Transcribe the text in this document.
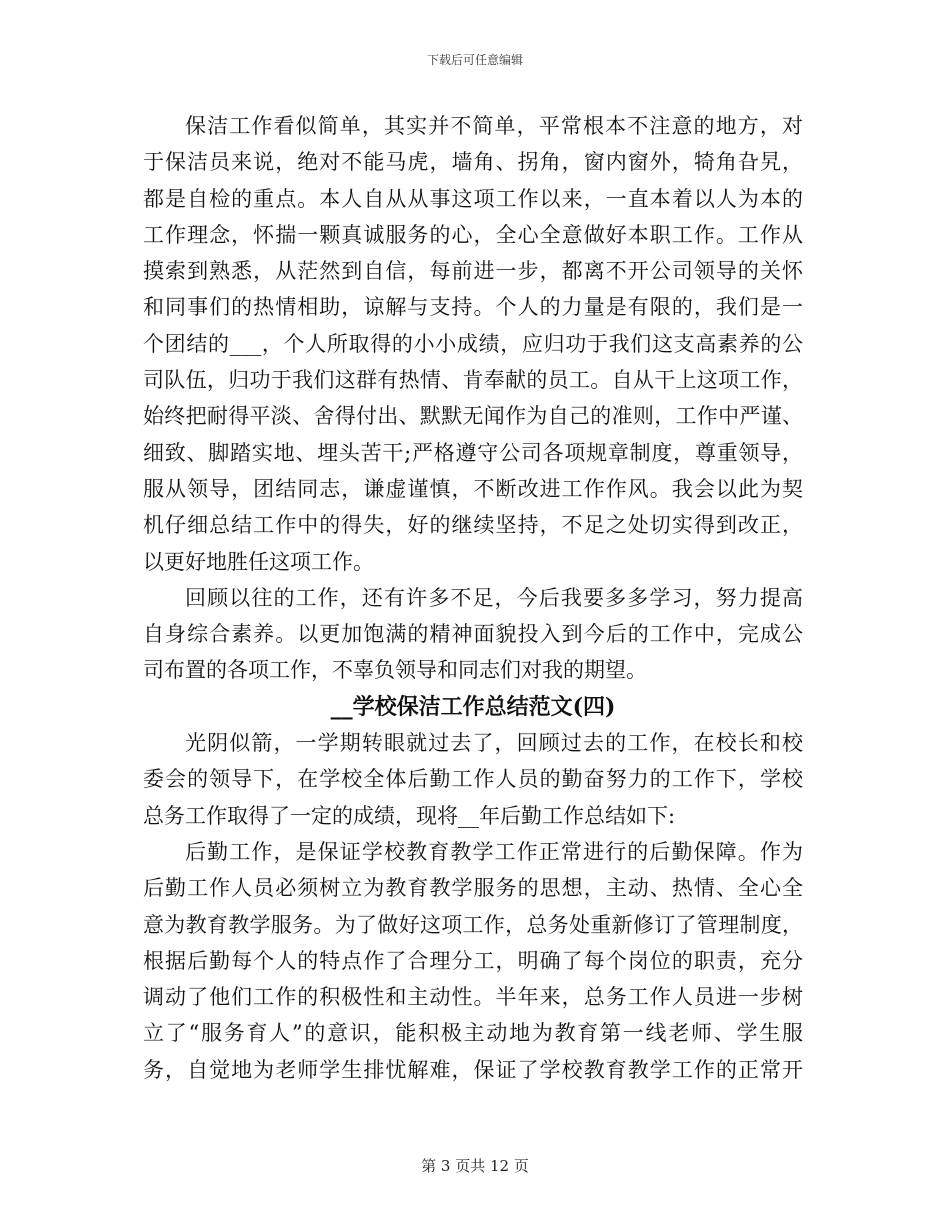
下载后可任意编辑
保洁工作看似简单，其实并不简单，平常根本不注意的地方，对
于保洁员来说，绝对不能马虎，墙角、拐角，窗内窗外，犄角旮旯，
都是自检的重点。本人自从从事这项工作以来，一直本着以人为本的
工作理念，怀揣一颗真诚服务的心，全心全意做好本职工作。工作从
摸索到熟悉，从茫然到自信，每前进一步，都离不开公司领导的关怀
和同事们的热情相助，谅解与支持。个人的力量是有限的，我们是一
个团结的___，个人所取得的小小成绩，应归功于我们这支高素养的公
司队伍，归功于我们这群有热情、肯奉献的员工。自从干上这项工作，
始终把耐得平淡、舍得付出、默默无闻作为自己的准则，工作中严谨、
细致、脚踏实地、埋头苦干;严格遵守公司各项规章制度，尊重领导，
服从领导，团结同志，谦虚谨慎，不断改进工作作风。我会以此为契
机仔细总结工作中的得失，好的继续坚持，不足之处切实得到改正，
以更好地胜任这项工作。
回顾以往的工作，还有许多不足，今后我要多多学习，努力提高
自身综合素养。以更加饱满的精神面貌投入到今后的工作中，完成公
司布置的各项工作，不辜负领导和同志们对我的期望。
__学校保洁工作总结范文(四)
光阴似箭，一学期转眼就过去了，回顾过去的工作，在校长和校
委会的领导下，在学校全体后勤工作人员的勤奋努力的工作下，学校
总务工作取得了一定的成绩，现将__年后勤工作总结如下:
后勤工作，是保证学校教育教学工作正常进行的后勤保障。作为
后勤工作人员必须树立为教育教学服务的思想，主动、热情、全心全
意为教育教学服务。为了做好这项工作，总务处重新修订了管理制度，
根据后勤每个人的特点作了合理分工，明确了每个岗位的职责，充分
调动了他们工作的积极性和主动性。半年来，总务工作人员进一步树
立了“服务育人”的意识，能积极主动地为教育第一线老师、学生服
务，自觉地为老师学生排忧解难，保证了学校教育教学工作的正常开
第 3 页共 12 页
